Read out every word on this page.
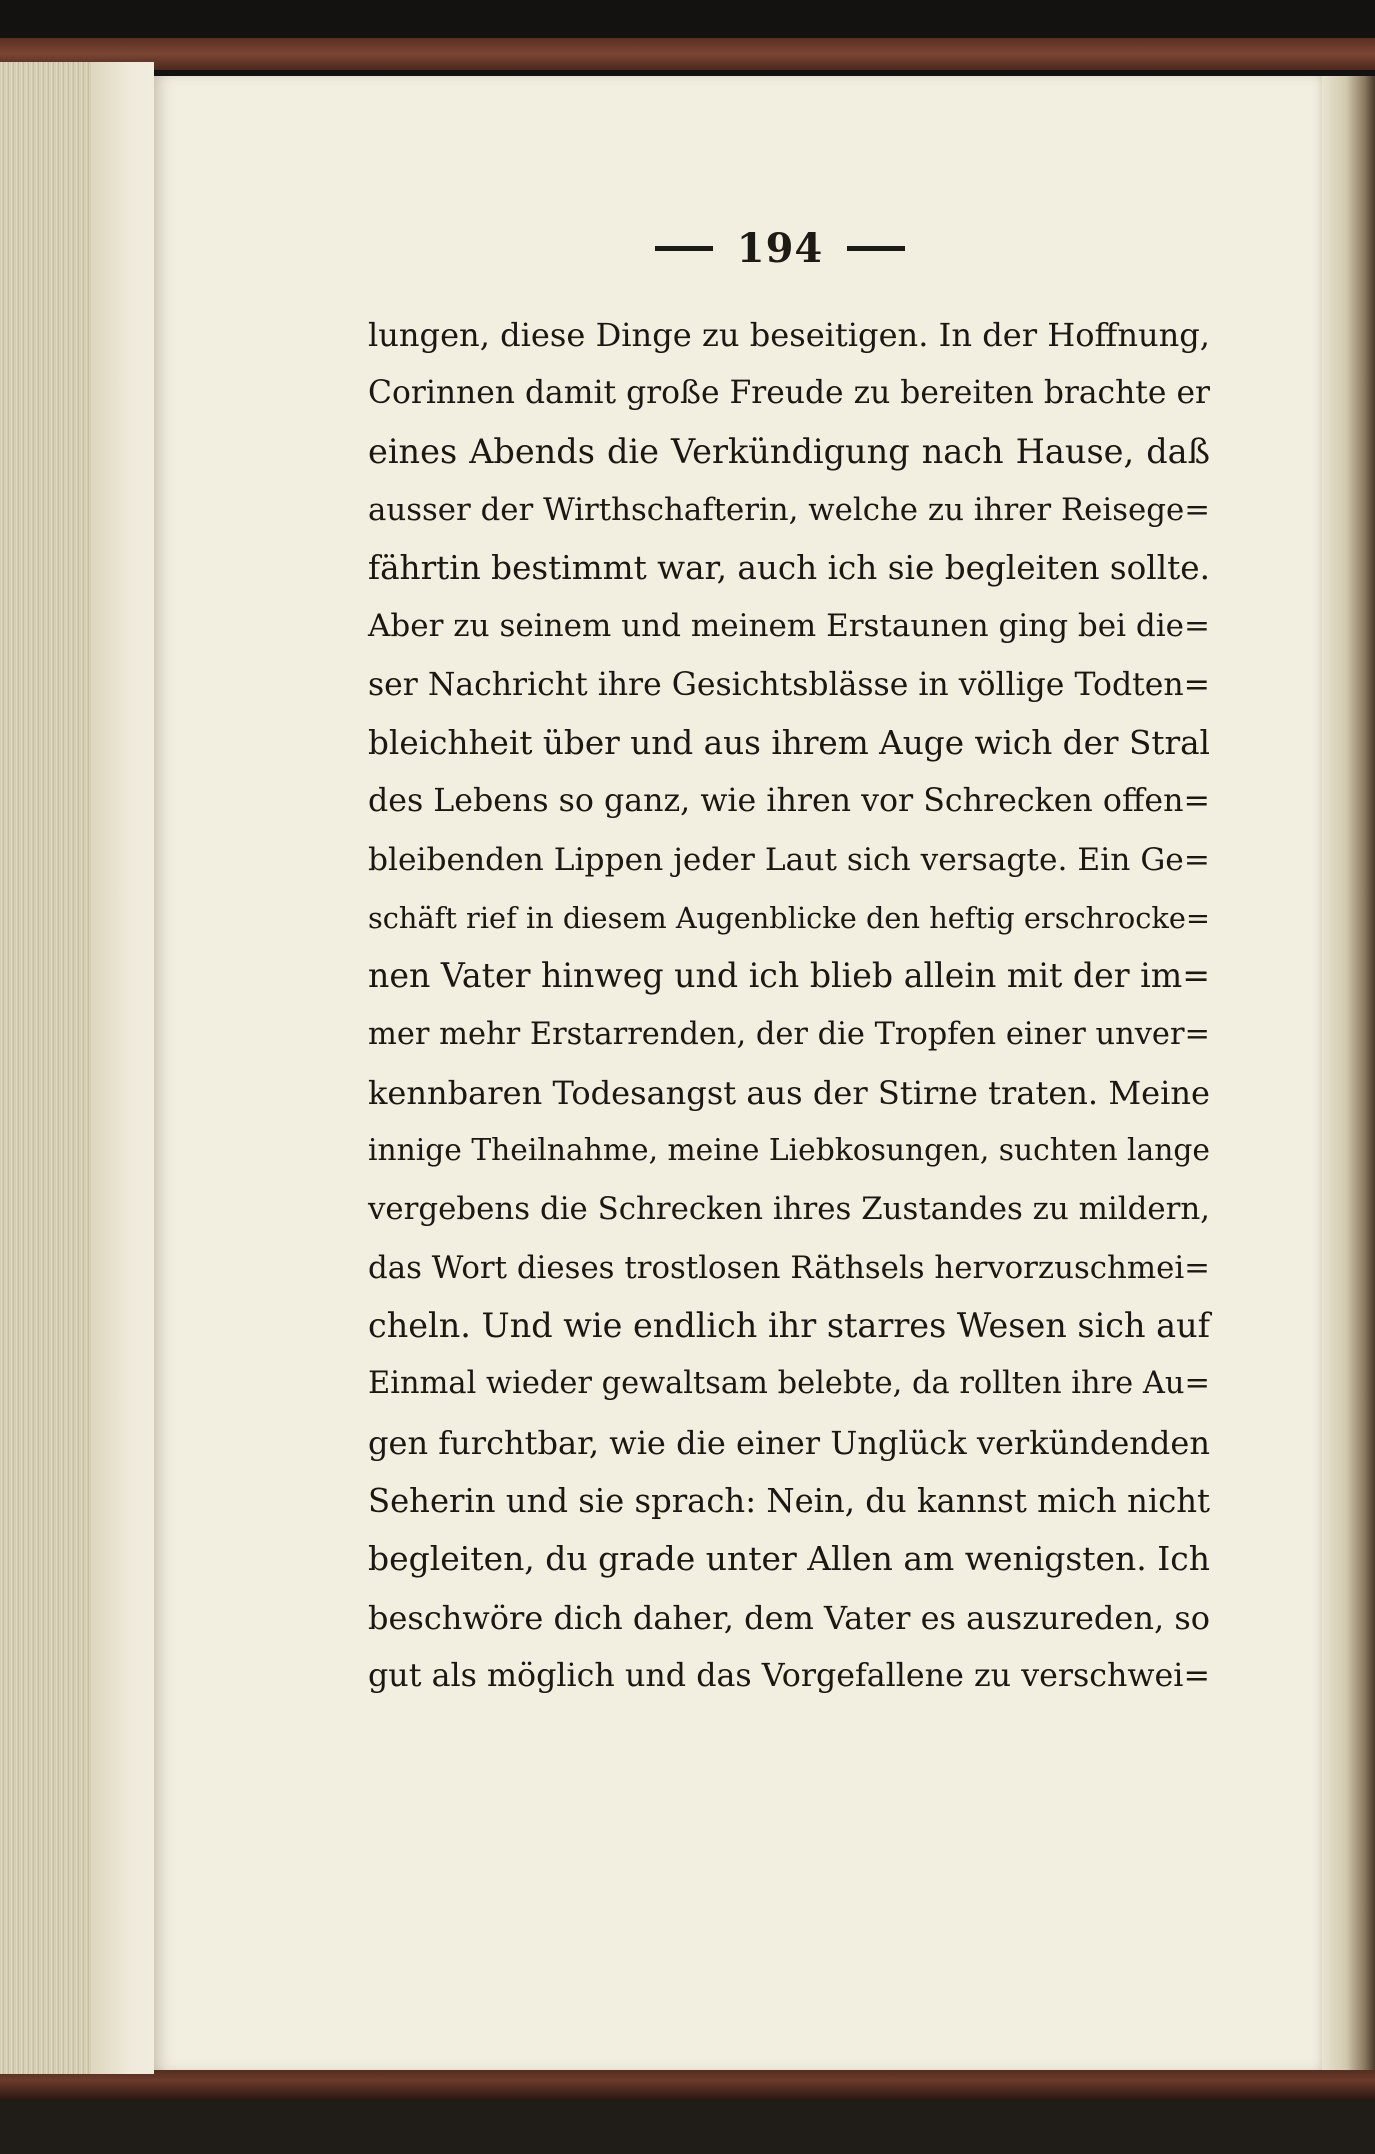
194
lungen, diese Dinge zu beseitigen. In der Hoffnung,
Corinnen damit große Freude zu bereiten brachte er
eines Abends die Verkündigung nach Hause, daß
ausser der Wirthschafterin, welche zu ihrer Reisege=
fährtin bestimmt war, auch ich sie begleiten sollte.
Aber zu seinem und meinem Erstaunen ging bei die=
ser Nachricht ihre Gesichtsblässe in völlige Todten=
bleichheit über und aus ihrem Auge wich der Stral
des Lebens so ganz, wie ihren vor Schrecken offen=
bleibenden Lippen jeder Laut sich versagte. Ein Ge=
schäft rief in diesem Augenblicke den heftig erschrocke=
nen Vater hinweg und ich blieb allein mit der im=
mer mehr Erstarrenden, der die Tropfen einer unver=
kennbaren Todesangst aus der Stirne traten. Meine
innige Theilnahme, meine Liebkosungen, suchten lange
vergebens die Schrecken ihres Zustandes zu mildern,
das Wort dieses trostlosen Räthsels hervorzuschmei=
cheln. Und wie endlich ihr starres Wesen sich auf
Einmal wieder gewaltsam belebte, da rollten ihre Au=
gen furchtbar, wie die einer Unglück verkündenden
Seherin und sie sprach: Nein, du kannst mich nicht
begleiten, du grade unter Allen am wenigsten. Ich
beschwöre dich daher, dem Vater es auszureden, so
gut als möglich und das Vorgefallene zu verschwei=
